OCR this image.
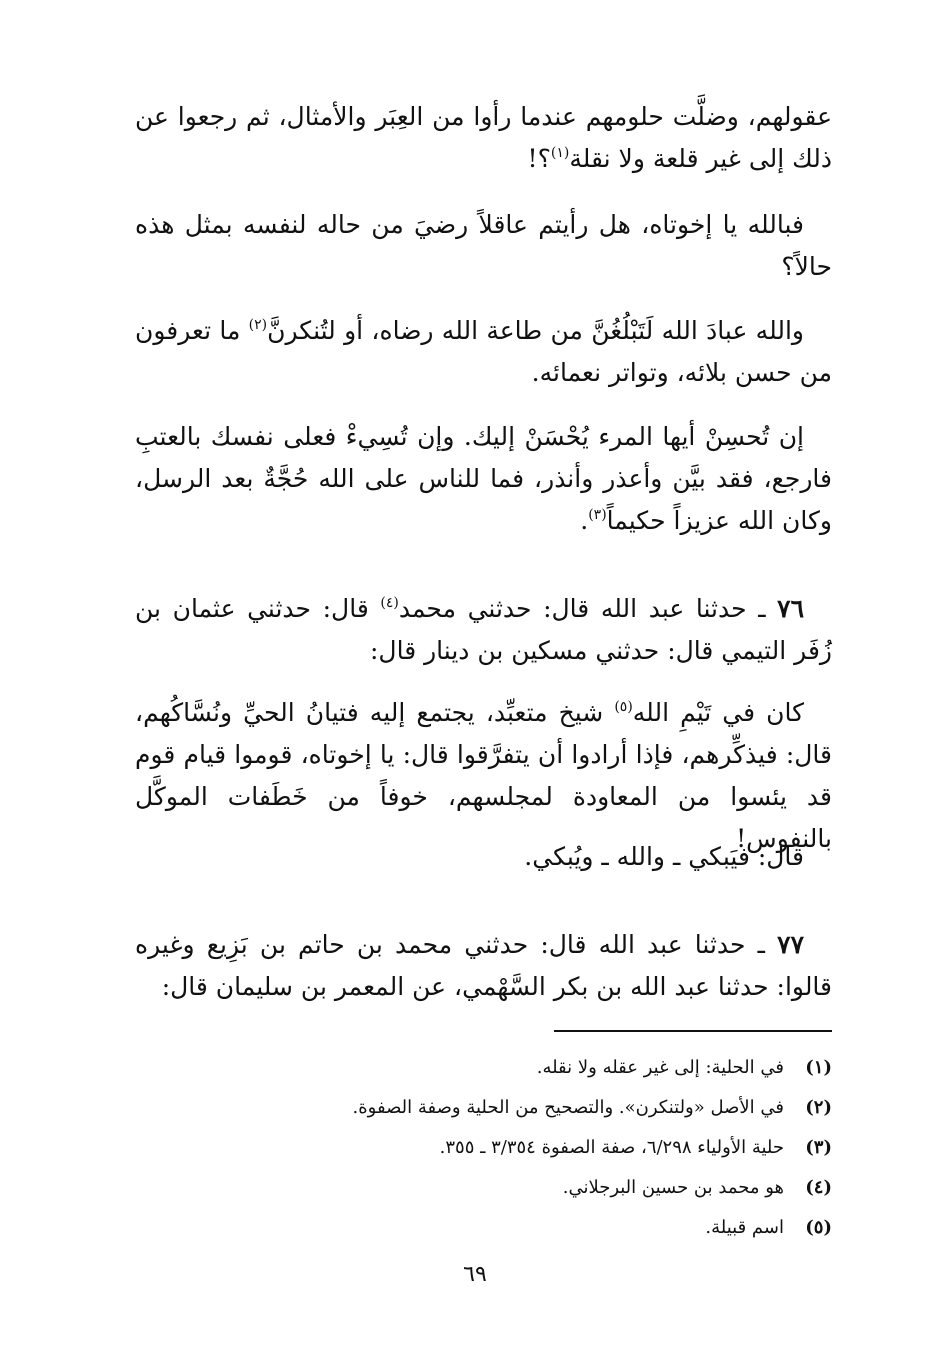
عقولهم، وضلَّت حلومهم عندما رأوا من العِبَر والأمثال، ثم رجعوا عن ذلك إلى غير قلعة ولا نقلة$^{(١)}$؟!

فبالله يا إخوتاه، هل رأيتم عاقلاً رضيَ من حاله لنفسه بمثل هذه حالاً؟

والله عبادَ الله لَتَبْلُغُنَّ من طاعة الله رضاه، أو لتُنكرنَّ$^{(٢)}$ ما تعرفون من حسن بلائه، وتواتر نعمائه.

إن تُحسِنْ أيها المرء يُحْسَنْ إليك. وإن تُسِيءْ فعلى نفسك بالعتبِ فارجع، فقد بيَّن وأعذر وأنذر، فما للناس على الله حُجَّةٌ بعد الرسل، وكان الله عزيزاً حكيماً$^{(٣)}$.

٧٦ ـ حدثنا عبد الله قال: حدثني محمد$^{(٤)}$ قال: حدثني عثمان بن زُفَر التيمي قال: حدثني مسكين بن دينار قال:

كان في تَيْمِ الله$^{(٥)}$ شيخ متعبِّد، يجتمع إليه فتيانُ الحيِّ ونُسَّاكُهم، قال: فيذكِّرهم، فإذا أرادوا أن يتفرَّقوا قال: يا إخوتاه، قوموا قيام قوم قد يئسوا من المعاودة لمجلسهم، خوفاً من خَطَفات الموكَّل بالنفوس!

قال: فيَبكي ـ والله ـ ويُبكي.

٧٧ ـ حدثنا عبد الله قال: حدثني محمد بن حاتم بن بَزِيع وغيره قالوا: حدثنا عبد الله بن بكر السَّهْمي، عن المعمر بن سليمان قال:

(١)في الحلية: إلى غير عقله ولا نقله.

(٢)في الأصل «ولتنكرن». والتصحيح من الحلية وصفة الصفوة.

(٣)حلية الأولياء ٦/٢٩٨، صفة الصفوة ٣/٣٥٤ ـ ٣٥٥.

(٤)هو محمد بن حسين البرجلاني.

(٥)اسم قبيلة.

٦٩
